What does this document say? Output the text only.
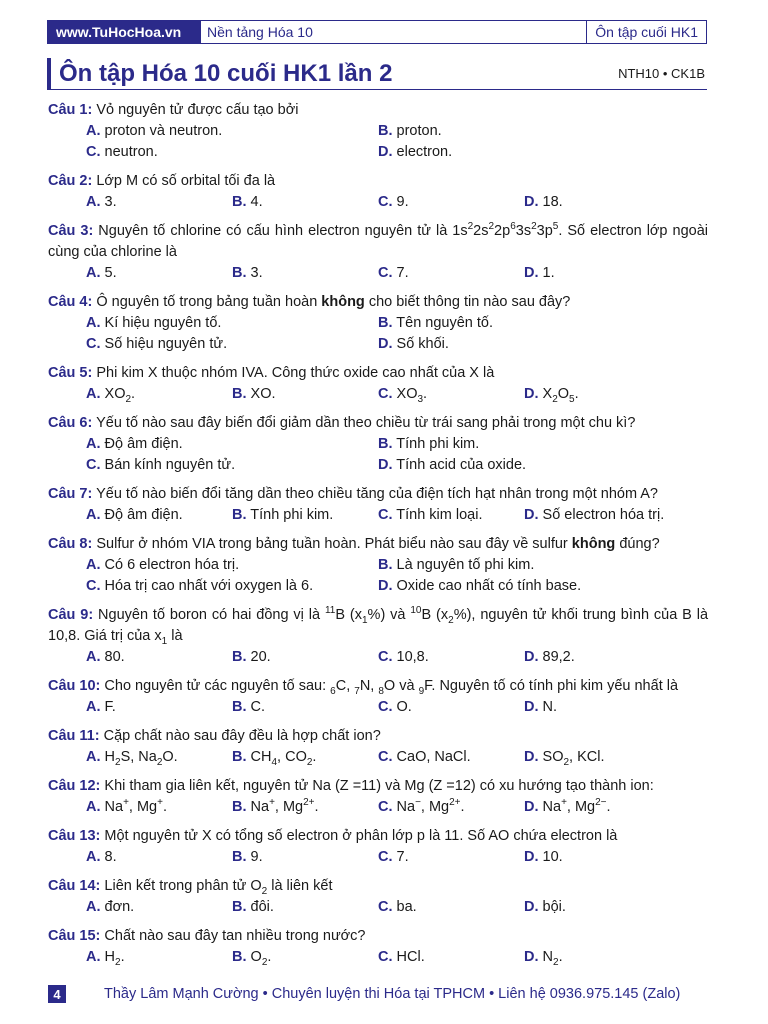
www.TuHocHoa.vn	Nền tảng Hóa 10	Ôn tập cuối HK1
Ôn tập Hóa 10 cuối HK1 lần 2	NTH10 • CK1B
Câu 1: Vỏ nguyên tử được cấu tạo bởi
A. proton và neutron.	B. proton.
C. neutron.	D. electron.
Câu 2: Lớp M có số orbital tối đa là
A. 3.	B. 4.	C. 9.	D. 18.
Câu 3: Nguyên tố chlorine có cấu hình electron nguyên tử là $1s^22s^22p^63s^23p^5$. Số electron lớp ngoài cùng của chlorine là
A. 5.	B. 3.	C. 7.	D. 1.
Câu 4: Ô nguyên tố trong bảng tuần hoàn không cho biết thông tin nào sau đây?
A. Kí hiệu nguyên tố.	B. Tên nguyên tố.
C. Số hiệu nguyên tử.	D. Số khối.
Câu 5: Phi kim X thuộc nhóm IVA. Công thức oxide cao nhất của X là
A. $XO_2$.	B. XO.	C. $XO_3$.	D. $X_2O_5$.
Câu 6: Yếu tố nào sau đây biến đổi giảm dần theo chiều từ trái sang phải trong một chu kì?
A. Độ âm điện.	B. Tính phi kim.
C. Bán kính nguyên tử.	D. Tính acid của oxide.
Câu 7: Yếu tố nào biến đổi tăng dần theo chiều tăng của điện tích hạt nhân trong một nhóm A?
A. Độ âm điện.	B. Tính phi kim.	C. Tính kim loại.	D. Số electron hóa trị.
Câu 8: Sulfur ở nhóm VIA trong bảng tuần hoàn. Phát biểu nào sau đây về sulfur không đúng?
A. Có 6 electron hóa trị.	B. Là nguyên tố phi kim.
C. Hóa trị cao nhất với oxygen là 6.	D. Oxide cao nhất có tính base.
Câu 9: Nguyên tố boron có hai đồng vị là $^{11}$B $(x_1\%)$ và $^{10}$B $(x_2\%)$, nguyên tử khối trung bình của B là 10,8. Giá trị của $x_1$ là
A. 80.	B. 20.	C. 10,8.	D. 89,2.
Câu 10: Cho nguyên tử các nguyên tố sau: $_6$C, $_7$N, $_8$O và $_9$F. Nguyên tố có tính phi kim yếu nhất là
A. F.	B. C.	C. O.	D. N.
Câu 11: Cặp chất nào sau đây đều là hợp chất ion?
A. $H_2S$, $Na_2O$.	B. $CH_4$, $CO_2$.	C. CaO, NaCl.	D. $SO_2$, KCl.
Câu 12: Khi tham gia liên kết, nguyên tử Na (Z =11) và Mg (Z =12) có xu hướng tạo thành ion:
A. Na+, Mg+.	B. Na+, $Mg^{2+}$.	C. Na−, $Mg^{2+}$.	D. Na+, $Mg^{2-}$.
Câu 13: Một nguyên tử X có tổng số electron ở phân lớp p là 11. Số AO chứa electron là
A. 8.	B. 9.	C. 7.	D. 10.
Câu 14: Liên kết trong phân tử $O_2$ là liên kết
A. đơn.	B. đôi.	C. ba.	D. bội.
Câu 15: Chất nào sau đây tan nhiều trong nước?
A. $H_2$.	B. $O_2$.	C. HCl.	D. $N_2$.
4	Thầy Lâm Mạnh Cường • Chuyên luyện thi Hóa tại TPHCM • Liên hệ 0936.975.145 (Zalo)
